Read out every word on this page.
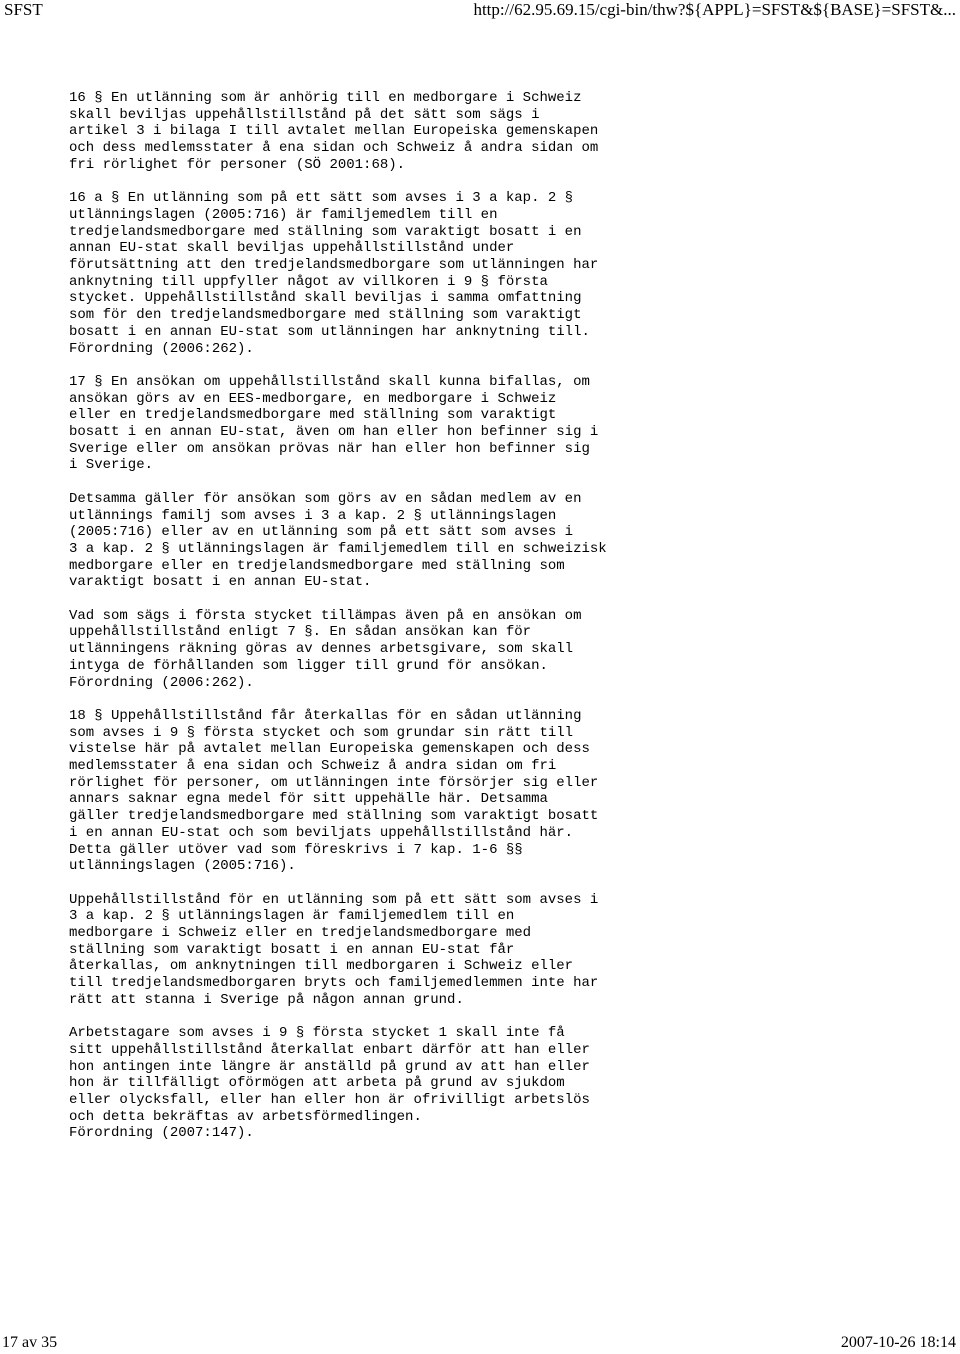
SFST	http://62.95.69.15/cgi-bin/thw?${APPL}=SFST&${BASE}=SFST&...

16 § En utlänning som är anhörig till en medborgare i Schweiz
skall beviljas uppehållstillstånd på det sätt som sägs i
artikel 3 i bilaga I till avtalet mellan Europeiska gemenskapen
och dess medlemsstater å ena sidan och Schweiz å andra sidan om
fri rörlighet för personer (SÖ 2001:68).

16 a § En utlänning som på ett sätt som avses i 3 a kap. 2 §
utlänningslagen (2005:716) är familjemedlem till en
tredjelandsmedborgare med ställning som varaktigt bosatt i en
annan EU-stat skall beviljas uppehållstillstånd under
förutsättning att den tredjelandsmedborgare som utlänningen har
anknytning till uppfyller något av villkoren i 9 § första
stycket. Uppehållstillstånd skall beviljas i samma omfattning
som för den tredjelandsmedborgare med ställning som varaktigt
bosatt i en annan EU-stat som utlänningen har anknytning till.
Förordning (2006:262).

17 § En ansökan om uppehållstillstånd skall kunna bifallas, om
ansökan görs av en EES-medborgare, en medborgare i Schweiz
eller en tredjelandsmedborgare med ställning som varaktigt
bosatt i en annan EU-stat, även om han eller hon befinner sig i
Sverige eller om ansökan prövas när han eller hon befinner sig
i Sverige.

Detsamma gäller för ansökan som görs av en sådan medlem av en
utlännings familj som avses i 3 a kap. 2 § utlänningslagen
(2005:716) eller av en utlänning som på ett sätt som avses i
3 a kap. 2 § utlänningslagen är familjemedlem till en schweizisk
medborgare eller en tredjelandsmedborgare med ställning som
varaktigt bosatt i en annan EU-stat.

Vad som sägs i första stycket tillämpas även på en ansökan om
uppehållstillstånd enligt 7 §. En sådan ansökan kan för
utlänningens räkning göras av dennes arbetsgivare, som skall
intyga de förhållanden som ligger till grund för ansökan.
Förordning (2006:262).

18 § Uppehållstillstånd får återkallas för en sådan utlänning
som avses i 9 § första stycket och som grundar sin rätt till
vistelse här på avtalet mellan Europeiska gemenskapen och dess
medlemsstater å ena sidan och Schweiz å andra sidan om fri
rörlighet för personer, om utlänningen inte försörjer sig eller
annars saknar egna medel för sitt uppehälle här. Detsamma
gäller tredjelandsmedborgare med ställning som varaktigt bosatt
i en annan EU-stat och som beviljats uppehållstillstånd här.
Detta gäller utöver vad som föreskrivs i 7 kap. 1-6 §§
utlänningslagen (2005:716).

Uppehållstillstånd för en utlänning som på ett sätt som avses i
3 a kap. 2 § utlänningslagen är familjemedlem till en
medborgare i Schweiz eller en tredjelandsmedborgare med
ställning som varaktigt bosatt i en annan EU-stat får
återkallas, om anknytningen till medborgaren i Schweiz eller
till tredjelandsmedborgaren bryts och familjemedlemmen inte har
rätt att stanna i Sverige på någon annan grund.

Arbetstagare som avses i 9 § första stycket 1 skall inte få
sitt uppehållstillstånd återkallat enbart därför att han eller
hon antingen inte längre är anställd på grund av att han eller
hon är tillfälligt oförmögen att arbeta på grund av sjukdom
eller olycksfall, eller han eller hon är ofrivilligt arbetslös
och detta bekräftas av arbetsförmedlingen.
Förordning (2007:147).

17 av 35	2007-10-26 18:14
